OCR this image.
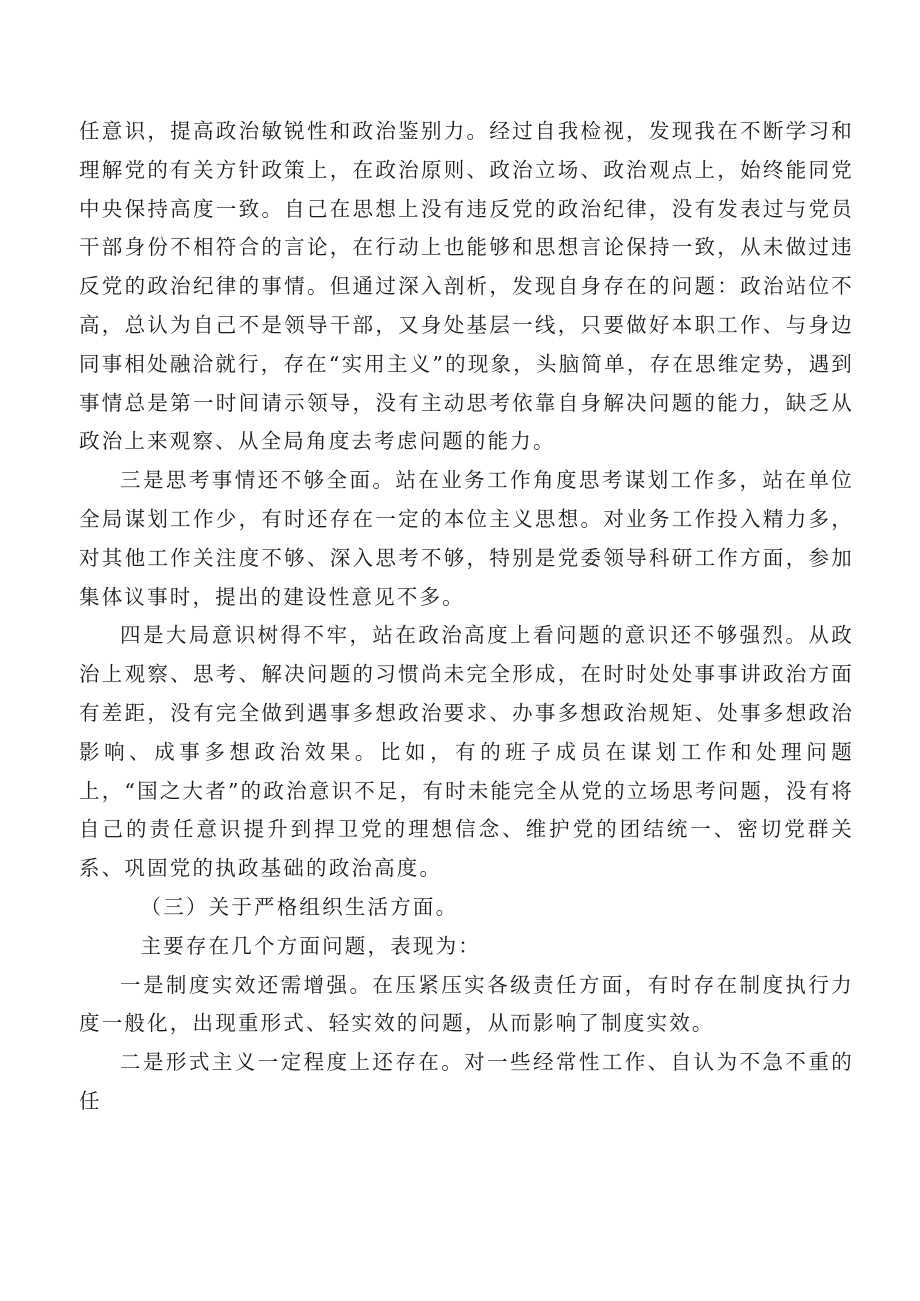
任意识，提高政治敏锐性和政治鉴别力。经过自我检视，发现我在不断学习和理解党的有关方针政策上，在政治原则、政治立场、政治观点上，始终能同党中央保持高度一致。自己在思想上没有违反党的政治纪律，没有发表过与党员干部身份不相符合的言论，在行动上也能够和思想言论保持一致，从未做过违反党的政治纪律的事情。但通过深入剖析，发现自身存在的问题：政治站位不高，总认为自己不是领导干部，又身处基层一线，只要做好本职工作、与身边同事相处融洽就行，存在“实用主义”的现象，头脑简单，存在思维定势，遇到事情总是第一时间请示领导，没有主动思考依靠自身解决问题的能力，缺乏从政治上来观察、从全局角度去考虑问题的能力。

三是思考事情还不够全面。站在业务工作角度思考谋划工作多，站在单位全局谋划工作少，有时还存在一定的本位主义思想。对业务工作投入精力多，对其他工作关注度不够、深入思考不够，特别是党委领导科研工作方面，参加集体议事时，提出的建设性意见不多。

四是大局意识树得不牢，站在政治高度上看问题的意识还不够强烈。从政治上观察、思考、解决问题的习惯尚未完全形成，在时时处处事事讲政治方面有差距，没有完全做到遇事多想政治要求、办事多想政治规矩、处事多想政治影响、成事多想政治效果。比如，有的班子成员在谋划工作和处理问题上，“国之大者”的政治意识不足，有时未能完全从党的立场思考问题，没有将自己的责任意识提升到捍卫党的理想信念、维护党的团结统一、密切党群关系、巩固党的执政基础的政治高度。

（三）关于严格组织生活方面。

主要存在几个方面问题，表现为：

一是制度实效还需增强。在压紧压实各级责任方面，有时存在制度执行力度一般化，出现重形式、轻实效的问题，从而影响了制度实效。

二是形式主义一定程度上还存在。对一些经常性工作、自认为不急不重的任
